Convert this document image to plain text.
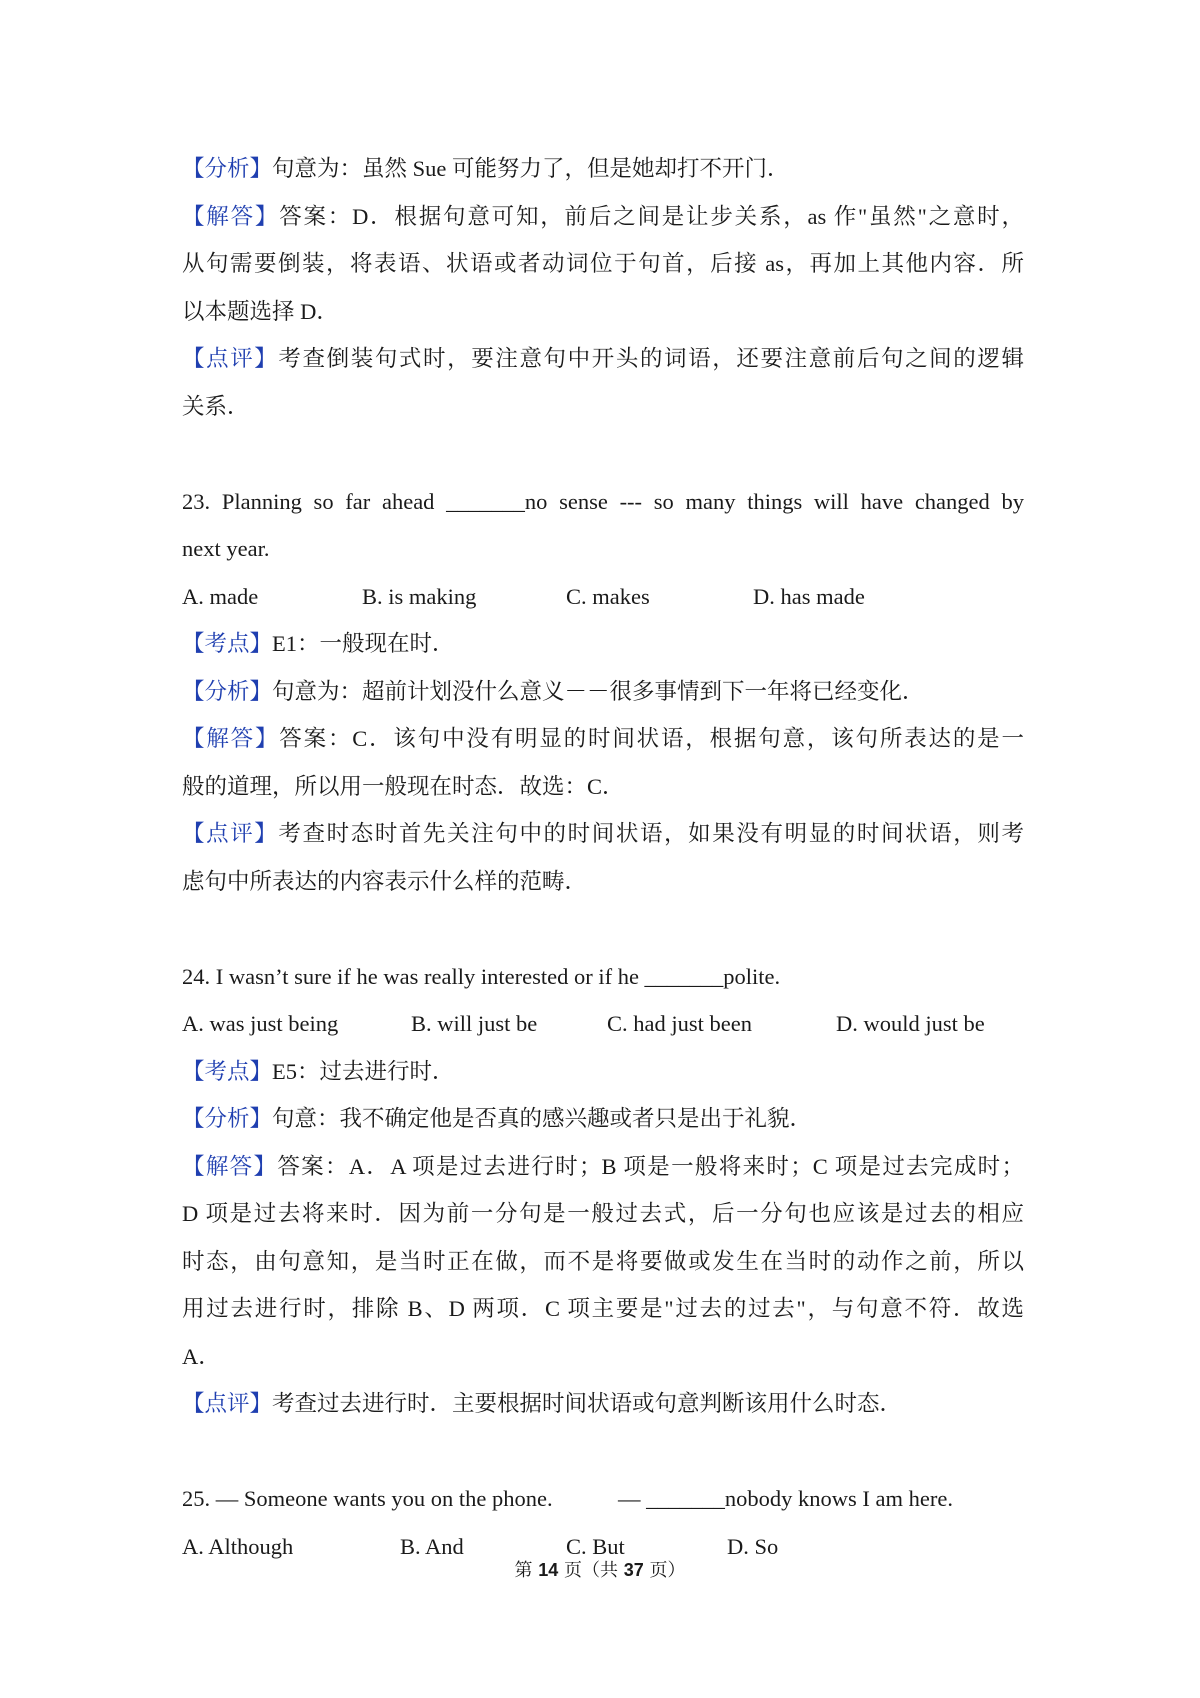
【分析】句意为：虽然 Sue 可能努力了，但是她却打不开门．
【解答】答案：D．根据句意可知，前后之间是让步关系，as 作"虽然"之意时，
从句需要倒装，将表语、状语或者动词位于句首，后接 as，再加上其他内容．所
以本题选择 D．
【点评】考查倒装句式时，要注意句中开头的词语，还要注意前后句之间的逻辑
关系．
23. Planning so far ahead _______no sense --- so many things will have changed by
next year.
A. made	B. is making	C. makes	D. has made
【考点】E1：一般现在时．
【分析】句意为：超前计划没什么意义－－很多事情到下一年将已经变化．
【解答】答案：C．该句中没有明显的时间状语，根据句意，该句所表达的是一
般的道理，所以用一般现在时态．故选：C．
【点评】考查时态时首先关注句中的时间状语，如果没有明显的时间状语，则考
虑句中所表达的内容表示什么样的范畴．
24. I wasn’t sure if he was really interested or if he _______polite.
A. was just being	B. will just be	C. had just been	D. would just be
【考点】E5：过去进行时．
【分析】句意：我不确定他是否真的感兴趣或者只是出于礼貌．
【解答】答案：A．A 项是过去进行时；B 项是一般将来时；C 项是过去完成时；
D 项是过去将来时．因为前一分句是一般过去式，后一分句也应该是过去的相应
时态，由句意知，是当时正在做，而不是将要做或发生在当时的动作之前，所以
用过去进行时，排除 B、D 两项．C 项主要是"过去的过去"，与句意不符．故选
A．
【点评】考查过去进行时．主要根据时间状语或句意判断该用什么时态．
25. — Someone wants you on the phone.	— _______nobody knows I am here.
A. Although	B. And	C. But	D. So
第 14 页（共 37 页）
